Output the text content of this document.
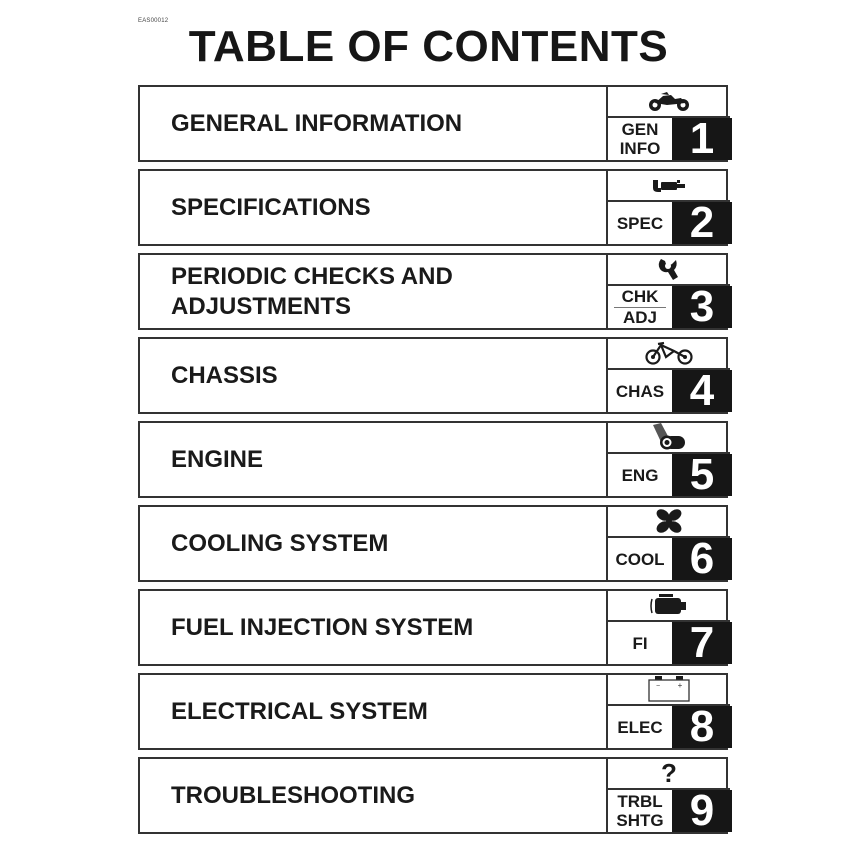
EAS00012
TABLE OF CONTENTS
GENERAL INFORMATION	GEN
INFO 1
SPECIFICATIONS
SPEC 2
PERIODIC CHECKS AND
ADJUSTMENTS	CHK
ADJ 3
CHASSIS
CHAS 4
ENGINE
ENG 5
COOLING SYSTEM
COOL 6
FUEL INJECTION SYSTEM
FI 7
ELECTRICAL SYSTEM
− +
ELEC 8
TROUBLESHOOTING
?
TRBL
SHTG 9
